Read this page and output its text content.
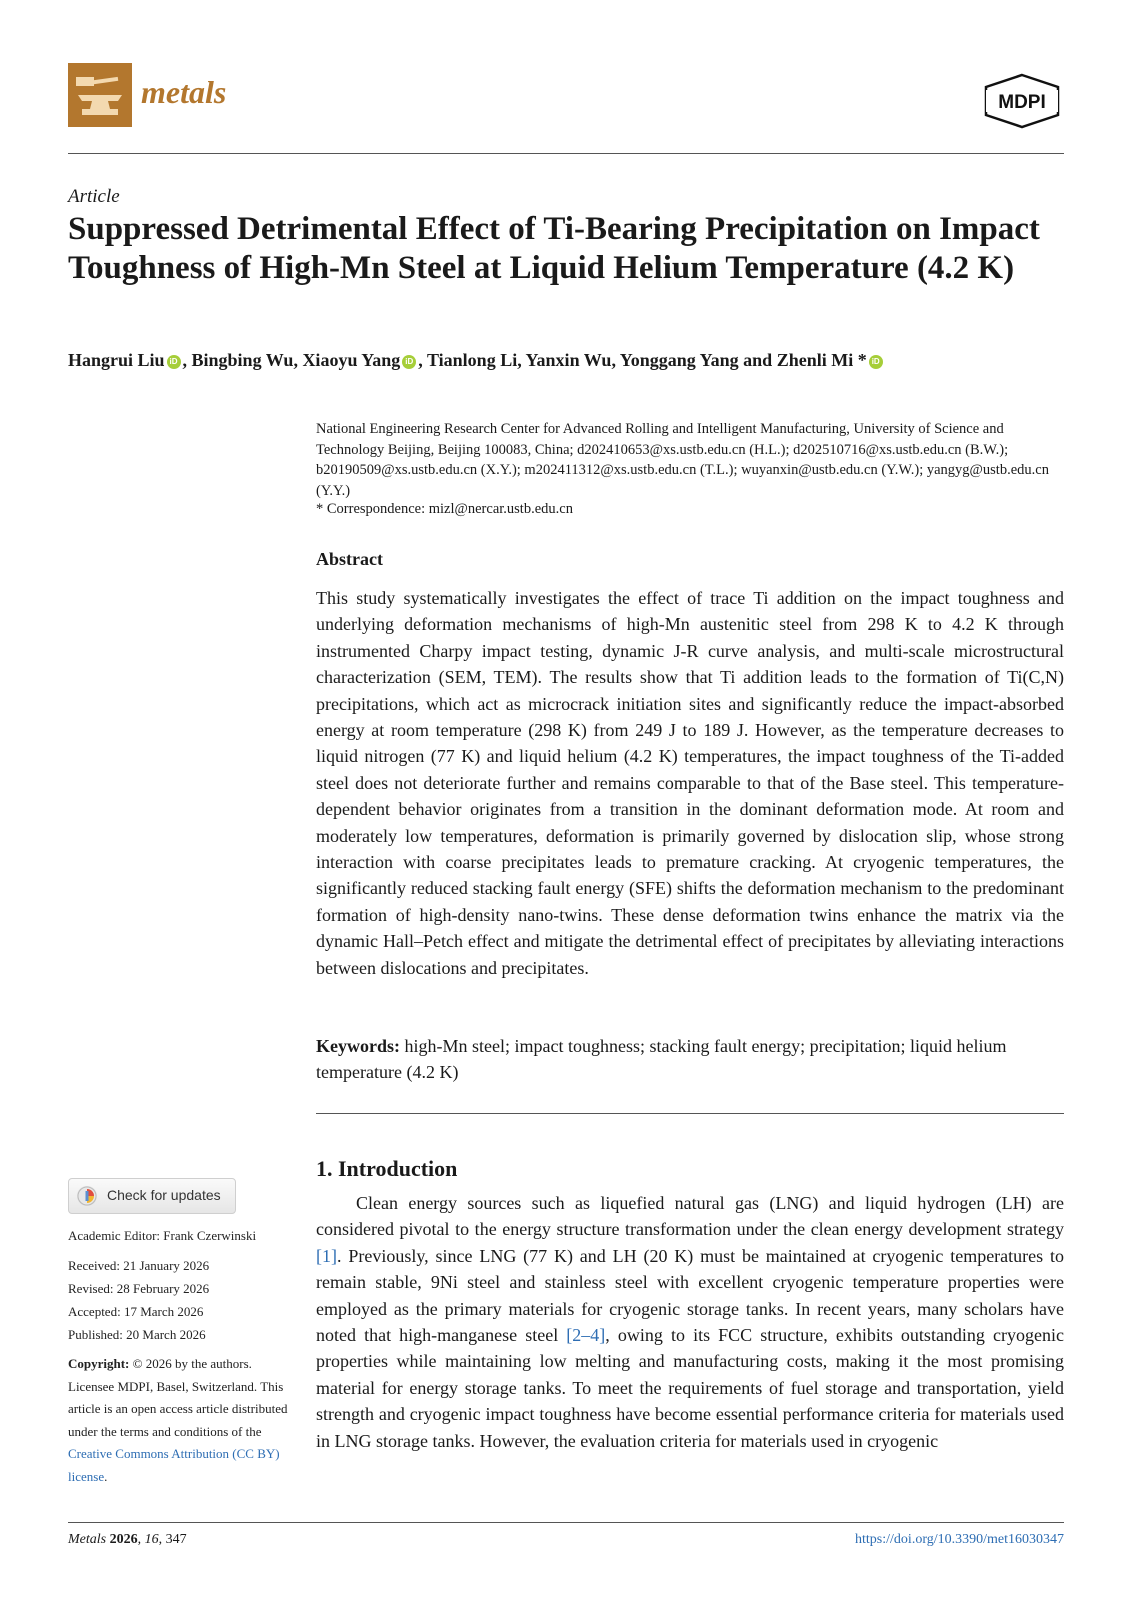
metals	MDPI
Article
Suppressed Detrimental Effect of Ti-Bearing Precipitation on Impact Toughness of High-Mn Steel at Liquid Helium Temperature (4.2 K)
Hangrui Liu iD , Bingbing Wu, Xiaoyu Yang iD , Tianlong Li, Yanxin Wu, Yonggang Yang and Zhenli Mi * iD
National Engineering Research Center for Advanced Rolling and Intelligent Manufacturing, University of Science and Technology Beijing, Beijing 100083, China; d202410653@xs.ustb.edu.cn (H.L.); d202510716@xs.ustb.edu.cn (B.W.); b20190509@xs.ustb.edu.cn (X.Y.); m202411312@xs.ustb.edu.cn (T.L.); wuyanxin@ustb.edu.cn (Y.W.); yangyg@ustb.edu.cn (Y.Y.)
* Correspondence: mizl@nercar.ustb.edu.cn
Abstract
This study systematically investigates the effect of trace Ti addition on the impact toughness and underlying deformation mechanisms of high-Mn austenitic steel from 298 K to 4.2 K through instrumented Charpy impact testing, dynamic J-R curve analysis, and multi-scale microstructural characterization (SEM, TEM). The results show that Ti addition leads to the formation of Ti(C,N) precipitations, which act as microcrack initiation sites and significantly reduce the impact-absorbed energy at room temperature (298 K) from 249 J to 189 J. However, as the temperature decreases to liquid nitrogen (77 K) and liquid helium (4.2 K) temperatures, the impact toughness of the Ti-added steel does not deteriorate further and remains comparable to that of the Base steel. This temperature-dependent behavior originates from a transition in the dominant deformation mode. At room and moderately low temperatures, deformation is primarily governed by dislocation slip, whose strong interaction with coarse precipitates leads to premature cracking. At cryogenic temperatures, the significantly reduced stacking fault energy (SFE) shifts the deformation mechanism to the predominant formation of high-density nano-twins. These dense deformation twins enhance the matrix via the dynamic Hall–Petch effect and mitigate the detrimental effect of precipitates by alleviating interactions between dislocations and precipitates.
Keywords: high-Mn steel; impact toughness; stacking fault energy; precipitation; liquid helium temperature (4.2 K)
1. Introduction
Clean energy sources such as liquefied natural gas (LNG) and liquid hydrogen (LH) are considered pivotal to the energy structure transformation under the clean energy development strategy [1]. Previously, since LNG (77 K) and LH (20 K) must be maintained at cryogenic temperatures to remain stable, 9Ni steel and stainless steel with excellent cryogenic temperature properties were employed as the primary materials for cryogenic storage tanks. In recent years, many scholars have noted that high-manganese steel [2–4], owing to its FCC structure, exhibits outstanding cryogenic properties while maintaining low melting and manufacturing costs, making it the most promising material for energy storage tanks. To meet the requirements of fuel storage and transportation, yield strength and cryogenic impact toughness have become essential performance criteria for materials used in LNG storage tanks. However, the evaluation criteria for materials used in cryogenic
Check for updates
Academic Editor: Frank Czerwinski
Received: 21 January 2026
Revised: 28 February 2026
Accepted: 17 March 2026
Published: 20 March 2026
Copyright: © 2026 by the authors. Licensee MDPI, Basel, Switzerland. This article is an open access article distributed under the terms and conditions of the Creative Commons Attribution (CC BY) license.
Metals 2026, 16, 347	https://doi.org/10.3390/met16030347
